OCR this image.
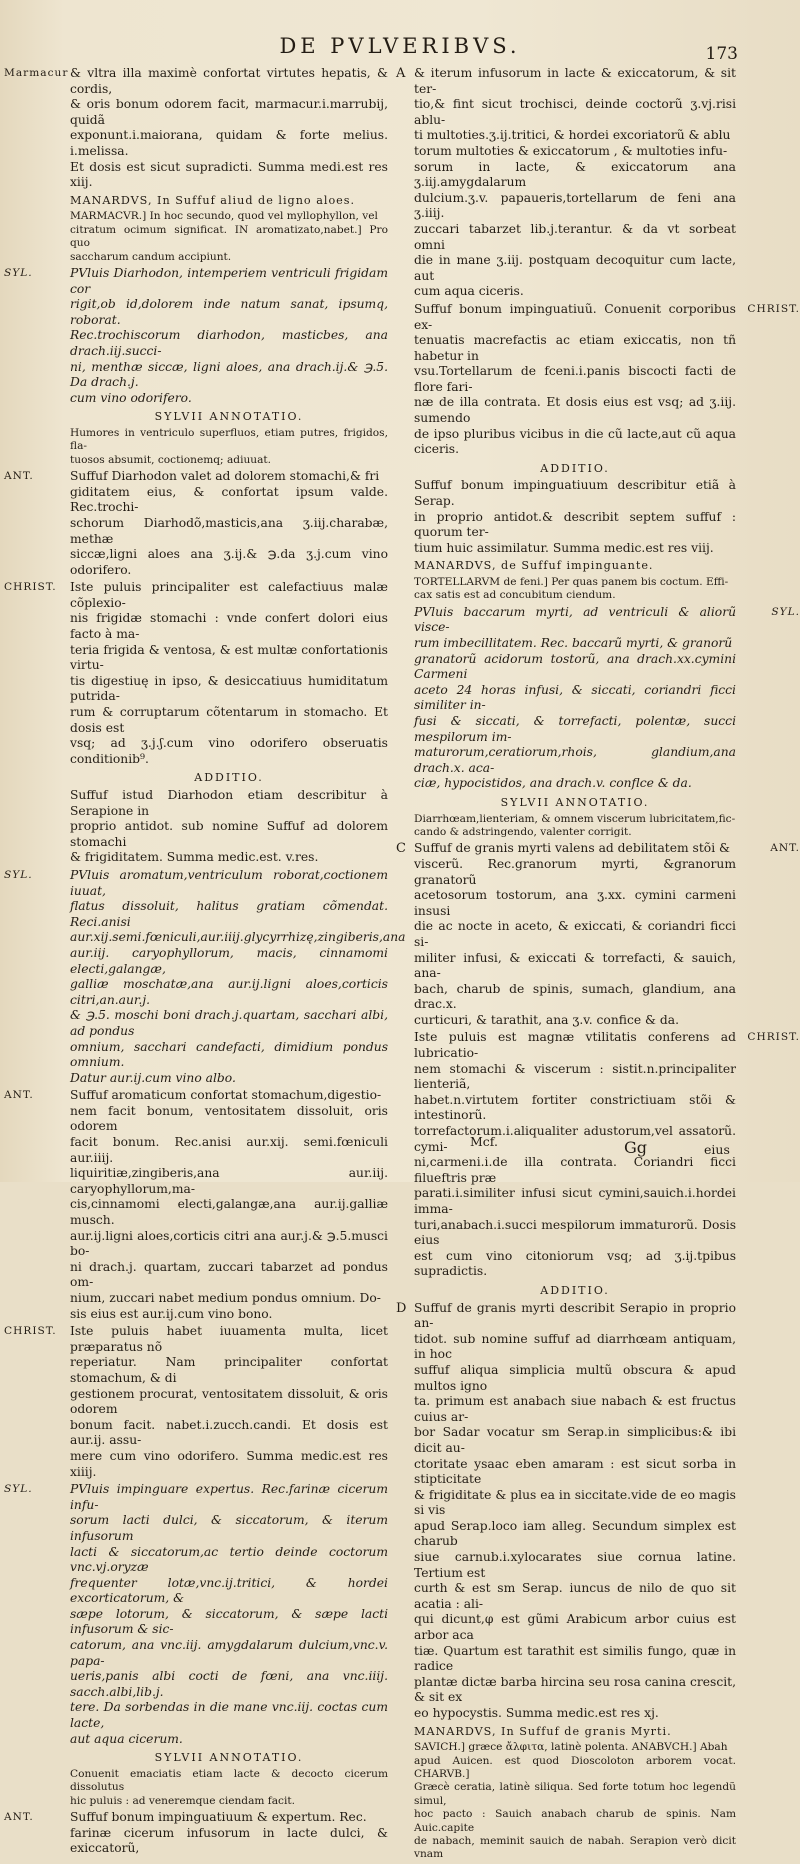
DE PVLVERIBVS.	173
& vltra illa maximè confortat virtutes hepatis, & cordis,
& oris bonum odorem facit, marmacur.i.marrubij, quidã
exponunt.i.maiorana, quidam & forte melius. i.melissa.
Et dosis est sicut supradicti. Summa medi.est res xiij.
Marmacur
MANARDVS, In Suffuf aliud de ligno aloes.
MARMACVR.] In hoc secundo, quod vel myllophyllon, vel
citratum ocimum significat. IN aromatizato,nabet.] Pro quo
saccharum candum accipiunt.
PVluis Diarhodon, intemperiem ventriculi frigidam cor
rigit,ob id,dolorem inde natum sanat, ipsumq, roborat.
Rec.trochiscorum diarhodon, masticbes, ana drach.iij.succi-
ni, menthæ siccæ, ligni aloes, ana drach.ij.& ℈.5. Da drach.j.
cum vino odorifero.
SYL.
SYLVII ANNOTATIO.
Humores in ventriculo superfluos, etiam putres, frigidos, fla-
tuosos absumit, coctionemq; adiuuat.
Suffuf Diarhodon valet ad dolorem stomachi,& fri
giditatem eius, & confortat ipsum valde. Rec.trochi-
schorum Diarhodõ,masticis,ana ʒ.iij.charabæ, methæ
siccæ,ligni aloes ana ʒ.ij.& ℈.da ʒ.j.cum vino odorifero.
ANT.
Iste puluis principaliter est calefactiuus malæ cõplexio-
nis frigidæ stomachi : vnde confert dolori eius facto à ma-
teria frigida & ventosa, & est multæ confortationis virtu-
tis digestiuę in ipso, & desiccatiuus humiditatum putrida-
rum & corruptarum cõtentarum in stomacho. Et dosis est
vsq; ad ʒ.j.ʃ.cum vino odorifero obseruatis conditionib⁹.
CHRIST.
ADDITIO.
Suffuf istud Diarhodon etiam describitur à Serapione in
proprio antidot. sub nomine Suffuf ad dolorem stomachi
& frigiditatem. Summa medic.est. v.res.
PVluis aromatum,ventriculum roborat,coctionem iuuat,
flatus dissoluit, halitus gratiam cõmendat. Reci.anisi
aur.xij.semi.fœniculi,aur.iiij.glycyrrhizę,zingiberis,ana
aur.iij. caryophyllorum, macis, cinnamomi electi,galangæ,
galliæ moschatæ,ana aur.ij.ligni aloes,corticis citri,an.aur.j.
& ℈.5. moschi boni drach.j.quartam, sacchari albi, ad pondus
omnium, sacchari candefacti, dimidium pondus omnium.
Datur aur.ij.cum vino albo.
SYL.
Suffuf aromaticum confortat stomachum,digestio-
nem facit bonum, ventositatem dissoluit, oris odorem
facit bonum. Rec.anisi aur.xij. semi.fœniculi aur.iiij.
liquiritiæ,zingiberis,ana aur.iij. caryophyllorum,ma-
cis,cinnamomi electi,galangæ,ana aur.ij.galliæ musch.
aur.ij.ligni aloes,corticis citri ana aur.j.& ℈.5.musci bo-
ni drach.j. quartam, zuccari tabarzet ad pondus om-
nium, zuccari nabet medium pondus omnium. Do-
sis eius est aur.ij.cum vino bono.
ANT.
Iste puluis habet iuuamenta multa, licet præparatus nõ
reperiatur. Nam principaliter confortat stomachum, & di
gestionem procurat, ventositatem dissoluit, & oris odorem
bonum facit. nabet.i.zucch.candi. Et dosis est aur.ij. assu-
mere cum vino odorifero. Summa medic.est res xiiij.
CHRIST.
PVluis impinguare expertus. Rec.farinæ cicerum infu-
sorum lacti dulci, & siccatorum, & iterum infusorum
lacti & siccatorum,ac tertio deinde coctorum vnc.vj.oryzæ
frequenter lotæ,vnc.ij.tritici, & hordei excorticatorum, &
sæpe lotorum, & siccatorum, & sæpe lacti infusorum & sic-
catorum, ana vnc.iij. amygdalarum dulcium,vnc.v. papa-
ueris,panis albi cocti de fœni, ana vnc.iiij. sacch.albi,lib.j.
tere. Da sorbendas in die mane vnc.iij. coctas cum lacte,
aut aqua cicerum.
SYL.
SYLVII ANNOTATIO.
Conuenit emaciatis etiam lacte & decocto cicerum dissolutus
hic puluis : ad veneremque ciendam facit.
Suffuf bonum impinguatiuum & expertum. Rec.
farinæ cicerum infusorum in lacte dulci, & exiccatorũ,
ANT.
& iterum infusorum in lacte & exiccatorum, & sit ter-
tio,& fint sicut trochisci, deinde coctorũ ʒ.vj.risi ablu-
ti multoties.ʒ.ij.tritici, & hordei excoriatorũ & ablu
torum multoties & exiccatorum , & multoties infu-
sorum in lacte, & exiccatorum ana ʒ.iij.amygdalarum
dulcium.ʒ.v. papaueris,tortellarum de feni ana ʒ.iiij.
zuccari tabarzet lib.j.terantur. & da vt sorbeat omni
die in mane ʒ.iij. postquam decoquitur cum lacte, aut
cum aqua ciceris.
A
Suffuf bonum impinguatiuũ. Conuenit corporibus ex-
tenuatis macrefactis ac etiam exiccatis, non tñ habetur in
vsu.Tortellarum de fceni.i.panis biscocti facti de flore fari-
næ de illa contrata. Et dosis eius est vsq; ad ʒ.iij. sumendo
de ipso pluribus vicibus in die cũ lacte,aut cũ aqua ciceris.
CHRIST.
ADDITIO.
Suffuf bonum impinguatiuum describitur etiã à Serap.
in proprio antidot.& describit septem suffuf : quorum ter-
tium huic assimilatur. Summa medic.est res viij.
MANARDVS, de Suffuf impinguante.
TORTELLARVM de feni.] Per quas panem bis coctum. Effi-
cax satis est ad concubitum ciendum.
PVluis baccarum myrti, ad ventriculi & aliorũ visce-
rum imbecillitatem. Rec. baccarũ myrti, & granorũ
granatorũ acidorum tostorũ, ana drach.xx.cymini Carmeni
aceto 24 horas infusi, & siccati, coriandri ficci similiter in-
fusi & siccati, & torrefacti, polentæ, succi mespilorum im-
maturorum,ceratiorum,rhois, glandium,ana drach.x. aca-
ciæ, hypocistidos, ana drach.v. conflce & da.
SYL.
SYLVII ANNOTATIO.
Diarrhœam,lienteriam, & omnem viscerum lubricitatem,fic-
cando & adstringendo, valenter corrigit.
Suffuf de granis myrti valens ad debilitatem stõi &
viscerũ. Rec.granorum myrti, &granorum granatorũ
acetosorum tostorum, ana ʒ.xx. cymini carmeni insusi
die ac nocte in aceto, & exiccati, & coriandri ficci si-
militer infusi, & exiccati & torrefacti, & sauich, ana-
bach, charub de spinis, sumach, glandium, ana drac.x.
curticuri, & tarathit, ana ʒ.v. confice & da.
ANT.
C
Iste puluis est magnæ vtilitatis conferens ad lubricatio-
nem stomachi & viscerum : sistit.n.principaliter lienteriã,
habet.n.virtutem fortiter constrictiuam stõi & intestinorũ.
torrefactorum.i.aliqualiter adustorum,vel assatorũ. cymi-
ni,carmeni.i.de illa contrata. Coriandri ficci filueftris præ
parati.i.similiter infusi sicut cymini,sauich.i.hordei imma-
turi,anabach.i.succi mespilorum immaturorũ. Dosis eius
est cum vino citoniorum vsq; ad ʒ.ij.tpibus supradictis.
CHRIST.
ADDITIO.
Suffuf de granis myrti describit Serapio in proprio an-
tidot. sub nomine suffuf ad diarrhœam antiquam, in hoc
suffuf aliqua simplicia multũ obscura & apud multos igno
ta. primum est anabach siue nabach & est fructus cuius ar-
bor Sadar vocatur sm Serap.in simplicibus:& ibi dicit au-
ctoritate ysaac eben amaram : est sicut sorba in stipticitate
& frigiditate & plus ea in siccitate.vide de eo magis si vis
apud Serap.loco iam alleg. Secundum simplex est charub
siue carnub.i.xylocarates siue cornua latine. Tertium est
curth & est sm Serap. iuncus de nilo de quo sit acatia : ali-
qui dicunt,φ est gũmi Arabicum arbor cuius est arbor aca
tiæ. Quartum est tarathit est similis fungo, quæ in radice
plantæ dictæ barba hircina seu rosa canina crescit, & sit ex
eo hypocystis. Summa medic.est res xj.
D
MANARDVS, In Suffuf de granis Myrti.
SAVICH.] græce ἄλφιτα, latinè polenta. ANABVCH.] Abah
apud Auicen. est quod Dioscoloton arborem vocat. CHARVB.]
Græcè ceratia, latinè siliqua. Sed forte totum hoc legendũ simul,
hoc pacto : Sauich anabach charub de spinis. Nam Auic.capite
de nabach, meminit sauich de nabah. Serapion verò dicit vnam
Mcf.	Gg	eius
